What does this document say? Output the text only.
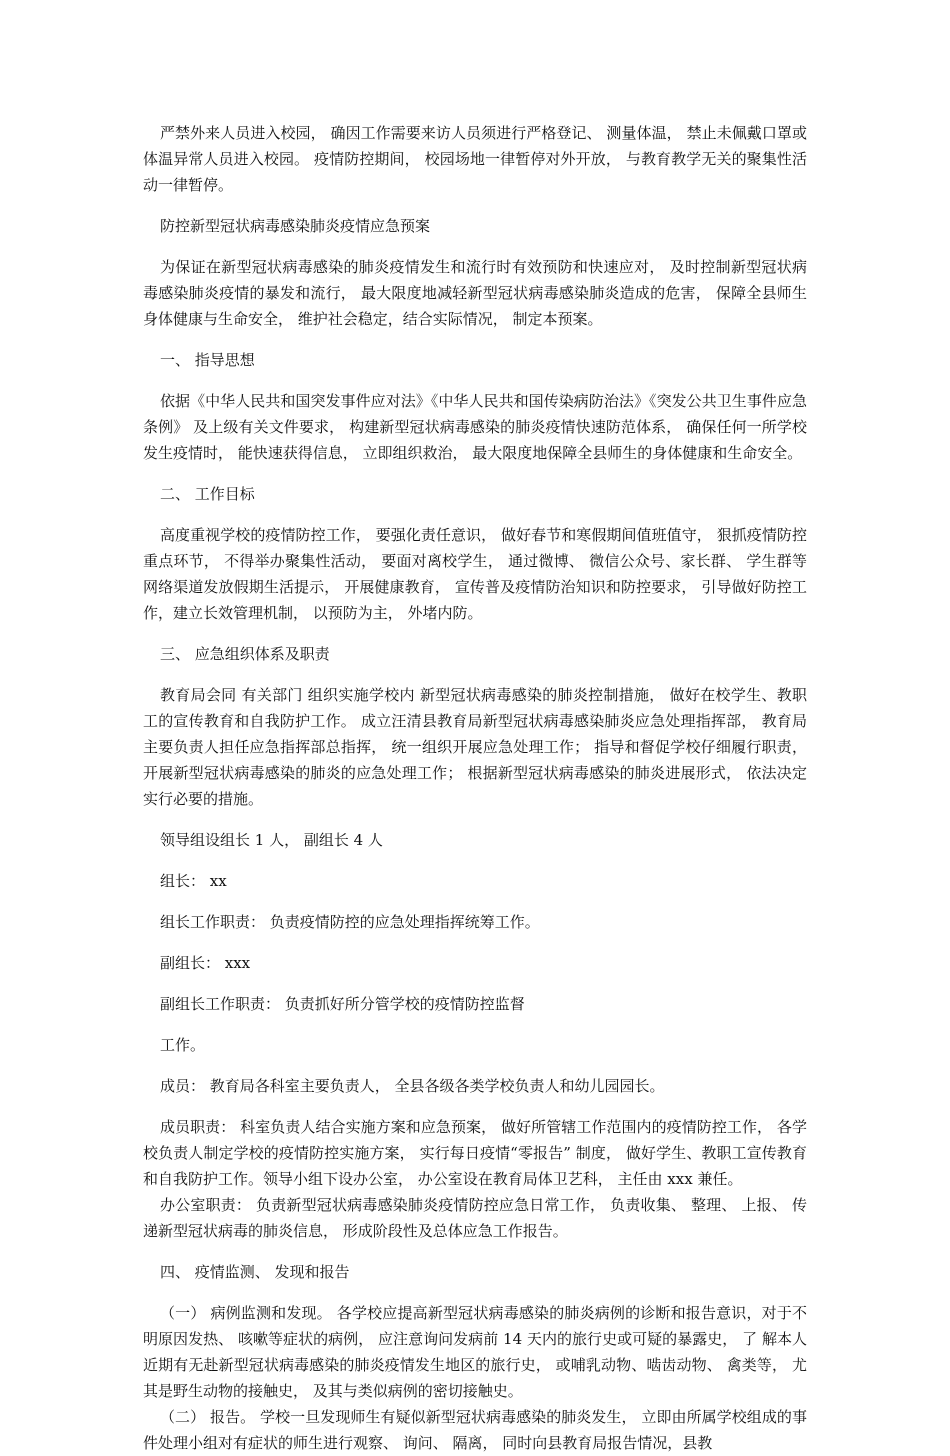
严禁外来人员进入校园， 确因工作需要来访人员须进行严格登记、 测量体温， 禁止未佩戴口罩或体温异常人员进入校园。 疫情防控期间， 校园场地一律暂停对外开放， 与教育教学无关的聚集性活动一律暂停。

防控新型冠状病毒感染肺炎疫情应急预案

为保证在新型冠状病毒感染的肺炎疫情发生和流行时有效预防和快速应对， 及时控制新型冠状病毒感染肺炎疫情的暴发和流行， 最大限度地减轻新型冠状病毒感染肺炎造成的危害， 保障全县师生身体健康与生命安全， 维护社会稳定，结合实际情况， 制定本预案。

一、 指导思想

依据《中华人民共和国突发事件应对法》《中华人民共和国传染病防治法》《突发公共卫生事件应急条例》 及上级有关文件要求， 构建新型冠状病毒感染的肺炎疫情快速防范体系， 确保任何一所学校发生疫情时， 能快速获得信息， 立即组织救治， 最大限度地保障全县师生的身体健康和生命安全。

二、 工作目标

高度重视学校的疫情防控工作， 要强化责任意识， 做好春节和寒假期间值班值守， 狠抓疫情防控重点环节， 不得举办聚集性活动， 要面对离校学生， 通过微博、 微信公众号、家长群、 学生群等网络渠道发放假期生活提示， 开展健康教育， 宣传普及疫情防治知识和防控要求， 引导做好防控工作，建立长效管理机制， 以预防为主， 外堵内防。

三、 应急组织体系及职责

教育局会同 有关部门 组织实施学校内 新型冠状病毒感染的肺炎控制措施， 做好在校学生、教职工的宣传教育和自我防护工作。 成立汪清县教育局新型冠状病毒感染肺炎应急处理指挥部， 教育局主要负责人担任应急指挥部总指挥， 统一组织开展应急处理工作； 指导和督促学校仔细履行职责，开展新型冠状病毒感染的肺炎的应急处理工作； 根据新型冠状病毒感染的肺炎进展形式， 依法决定实行必要的措施。

领导组设组长 1 人， 副组长 4 人

组长： xx

组长工作职责： 负责疫情防控的应急处理指挥统筹工作。

副组长： xxx

副组长工作职责： 负责抓好所分管学校的疫情防控监督

工作。

成员： 教育局各科室主要负责人， 全县各级各类学校负责人和幼儿园园长。

成员职责： 科室负责人结合实施方案和应急预案， 做好所管辖工作范围内的疫情防控工作， 各学校负责人制定学校的疫情防控实施方案， 实行每日疫情“零报告” 制度， 做好学生、教职工宣传教育和自我防护工作。领导小组下设办公室， 办公室设在教育局体卫艺科， 主任由 xxx 兼任。

办公室职责： 负责新型冠状病毒感染肺炎疫情防控应急日常工作， 负责收集、 整理、 上报、 传递新型冠状病毒的肺炎信息， 形成阶段性及总体应急工作报告。

四、 疫情监测、 发现和报告

（一） 病例监测和发现。 各学校应提高新型冠状病毒感染的肺炎病例的诊断和报告意识，对于不明原因发热、 咳嗽等症状的病例， 应注意询问发病前 14 天内的旅行史或可疑的暴露史， 了 解本人近期有无赴新型冠状病毒感染的肺炎疫情发生地区的旅行史， 或哺乳动物、啮齿动物、 禽类等， 尤其是野生动物的接触史， 及其与类似病例的密切接触史。

（二） 报告。 学校一旦发现师生有疑似新型冠状病毒感染的肺炎发生， 立即由所属学校组成的事件处理小组对有症状的师生进行观察、 询问、 隔离， 同时向县教育局报告情况，县教
